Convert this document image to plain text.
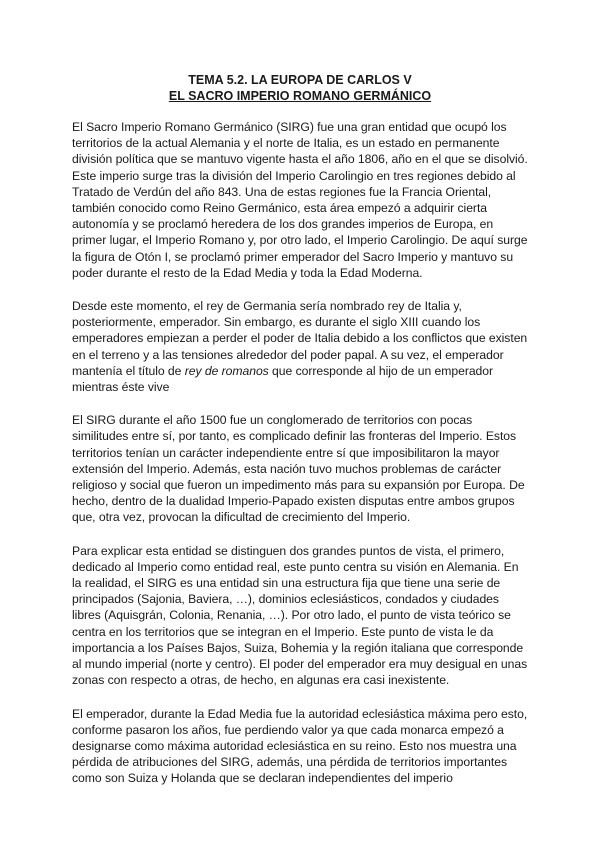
TEMA 5.2. LA EUROPA DE CARLOS V
EL SACRO IMPERIO ROMANO GERMÁNICO

El Sacro Imperio Romano Germánico (SIRG) fue una gran entidad que ocupó los territorios de la actual Alemania y el norte de Italia, es un estado en permanente división política que se mantuvo vigente hasta el año 1806, año en el que se disolvió. Este imperio surge tras la división del Imperio Carolingio en tres regiones debido al Tratado de Verdún del año 843. Una de estas regiones fue la Francia Oriental, también conocido como Reino Germánico, esta área empezó a adquirir cierta autonomía y se proclamó heredera de los dos grandes imperios de Europa, en primer lugar, el Imperio Romano y, por otro lado, el Imperio Carolingio. De aquí surge la figura de Otón I, se proclamó primer emperador del Sacro Imperio y mantuvo su poder durante el resto de la Edad Media y toda la Edad Moderna.

Desde este momento, el rey de Germania sería nombrado rey de Italia y, posteriormente, emperador. Sin embargo, es durante el siglo XIII cuando los emperadores empiezan a perder el poder de Italia debido a los conflictos que existen en el terreno y a las tensiones alrededor del poder papal. A su vez, el emperador mantenía el título de rey de romanos que corresponde al hijo de un emperador mientras éste vive

El SIRG durante el año 1500 fue un conglomerado de territorios con pocas similitudes entre sí, por tanto, es complicado definir las fronteras del Imperio. Estos territorios tenían un carácter independiente entre sí que imposibilitaron la mayor extensión del Imperio. Además, esta nación tuvo muchos problemas de carácter religioso y social que fueron un impedimento más para su expansión por Europa. De hecho, dentro de la dualidad Imperio-Papado existen disputas entre ambos grupos que, otra vez, provocan la dificultad de crecimiento del Imperio.

Para explicar esta entidad se distinguen dos grandes puntos de vista, el primero, dedicado al Imperio como entidad real, este punto centra su visión en Alemania. En la realidad, el SIRG es una entidad sin una estructura fija que tiene una serie de principados (Sajonia, Baviera, …), dominios eclesiásticos, condados y ciudades libres (Aquisgrán, Colonia, Renania, …). Por otro lado, el punto de vista teórico se centra en los territorios que se integran en el Imperio. Este punto de vista le da importancia a los Países Bajos, Suiza, Bohemia y la región italiana que corresponde al mundo imperial (norte y centro). El poder del emperador era muy desigual en unas zonas con respecto a otras, de hecho, en algunas era casi inexistente.

El emperador, durante la Edad Media fue la autoridad eclesiástica máxima pero esto, conforme pasaron los años, fue perdiendo valor ya que cada monarca empezó a designarse como máxima autoridad eclesiástica en su reino. Esto nos muestra una pérdida de atribuciones del SIRG, además, una pérdida de territorios importantes como son Suiza y Holanda que se declaran independientes del imperio
